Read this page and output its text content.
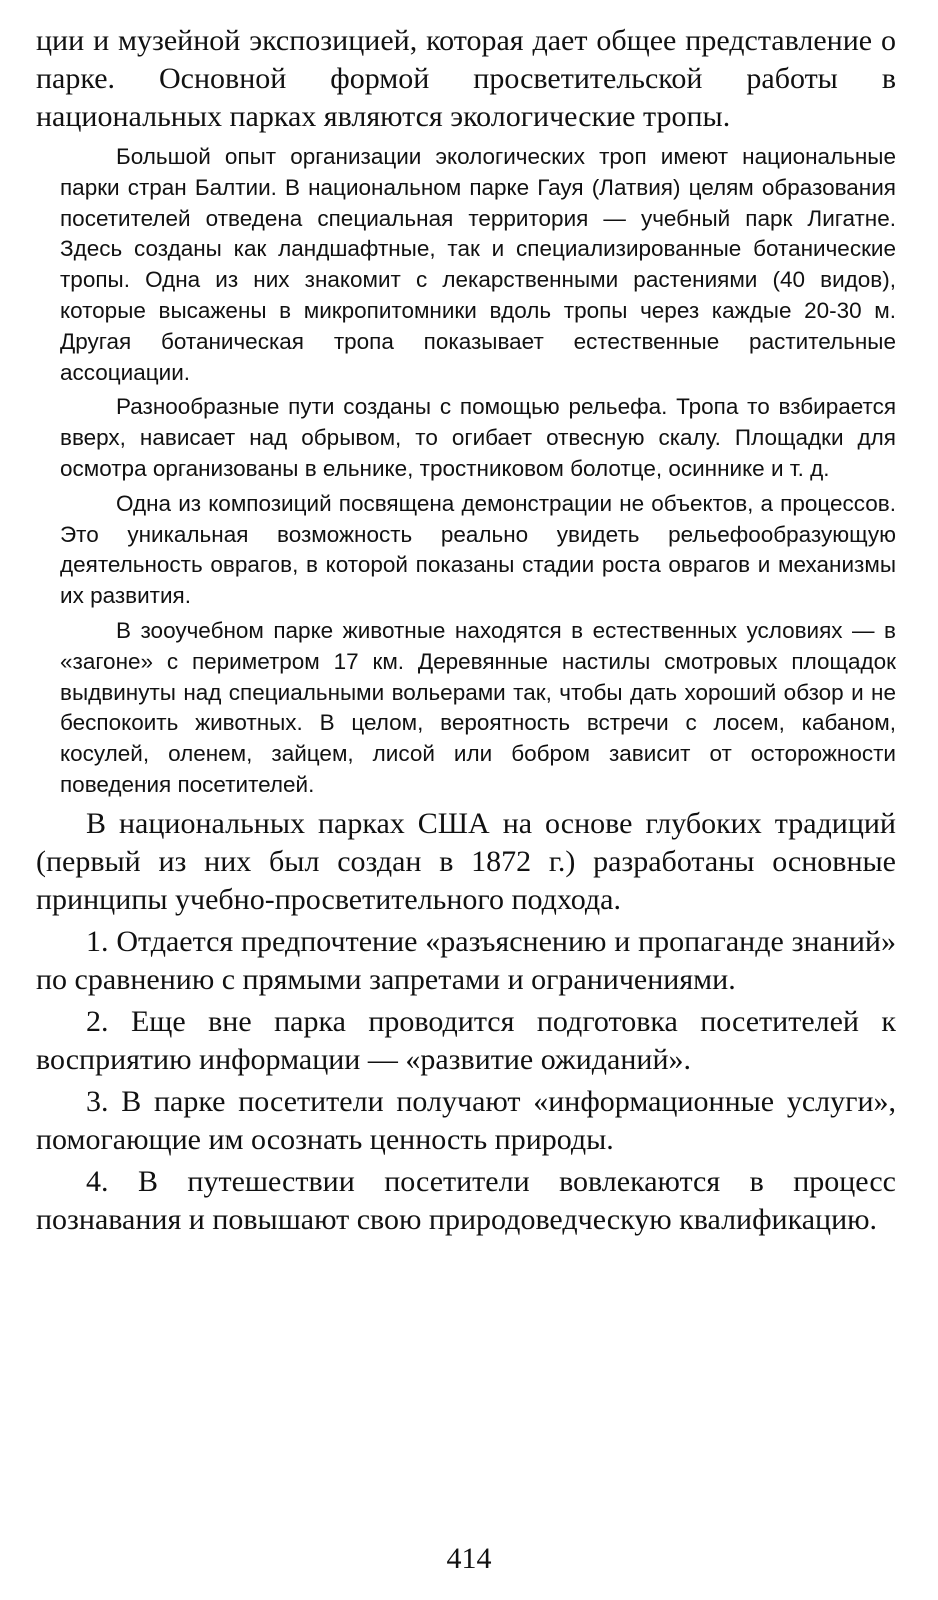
ции и музейной экспозицией, которая дает общее представление о парке. Основной формой просветительской работы в национальных парках являются экологические тропы.

Большой опыт организации экологических троп имеют национальные парки стран Балтии. В национальном парке Гауя (Латвия) целям образования посетителей отведена специальная территория — учебный парк Лигатне. Здесь созданы как ландшафтные, так и специализированные ботанические тропы. Одна из них знакомит с лекарственными растениями (40 видов), которые высажены в микропитомники вдоль тропы через каждые 20-30 м. Другая ботаническая тропа показывает естественные растительные ассоциации.

Разнообразные пути созданы с помощью рельефа. Тропа то взбирается вверх, нависает над обрывом, то огибает отвесную скалу. Площадки для осмотра организованы в ельнике, тростниковом болотце, осиннике и т. д.

Одна из композиций посвящена демонстрации не объектов, а процессов. Это уникальная возможность реально увидеть рельефообразующую деятельность оврагов, в которой показаны стадии роста оврагов и механизмы их развития.

В зооучебном парке животные находятся в естественных условиях — в «загоне» с периметром 17 км. Деревянные настилы смотровых площадок выдвинуты над специальными вольерами так, чтобы дать хороший обзор и не беспокоить животных. В целом, вероятность встречи с лосем, кабаном, косулей, оленем, зайцем, лисой или бобром зависит от осторожности поведения посетителей.

В национальных парках США на основе глубоких традиций (первый из них был создан в 1872 г.) разработаны основные принципы учебно-просветительного подхода.

1. Отдается предпочтение «разъяснению и пропаганде знаний» по сравнению с прямыми запретами и ограничениями.

2. Еще вне парка проводится подготовка посетителей к восприятию информации — «развитие ожиданий».

3. В парке посетители получают «информационные услуги», помогающие им осознать ценность природы.

4. В путешествии посетители вовлекаются в процесс познавания и повышают свою природоведческую квалификацию.

414
